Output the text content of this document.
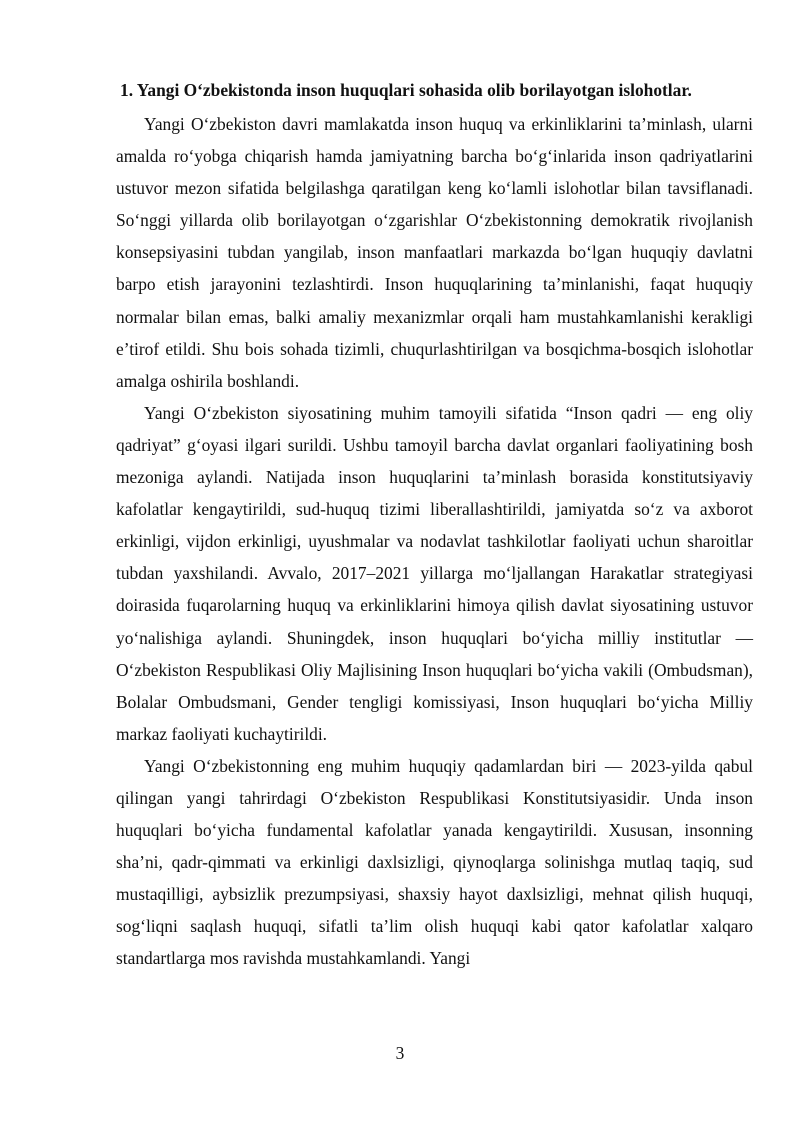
1. Yangi O‘zbekistonda inson huquqlari sohasida olib borilayotgan islohotlar.

Yangi O‘zbekiston davri mamlakatda inson huquq va erkinliklarini ta’minlash, ularni amalda ro‘yobga chiqarish hamda jamiyatning barcha bo‘g‘inlarida inson qadriyatlarini ustuvor mezon sifatida belgilashga qaratilgan keng ko‘lamli islohotlar bilan tavsiflanadi. So‘nggi yillarda olib borilayotgan o‘zgarishlar O‘zbekistonning demokratik rivojlanish konsepsiyasini tubdan yangilab, inson manfaatlari markazda bo‘lgan huquqiy davlatni barpo etish jarayonini tezlashtirdi. Inson huquqlarining ta’minlanishi, faqat huquqiy normalar bilan emas, balki amaliy mexanizmlar orqali ham mustahkamlanishi kerakligi e’tirof etildi. Shu bois sohada tizimli, chuqurlashtirilgan va bosqichma-bosqich islohotlar amalga oshirila boshlandi.

Yangi O‘zbekiston siyosatining muhim tamoyili sifatida “Inson qadri — eng oliy qadriyat” g‘oyasi ilgari surildi. Ushbu tamoyil barcha davlat organlari faoliyatining bosh mezoniga aylandi. Natijada inson huquqlarini ta’minlash borasida konstitutsiyaviy kafolatlar kengaytirildi, sud-huquq tizimi liberallashtirildi, jamiyatda so‘z va axborot erkinligi, vijdon erkinligi, uyushmalar va nodavlat tashkilotlar faoliyati uchun sharoitlar tubdan yaxshilandi. Avvalo, 2017–2021 yillarga mo‘ljallangan Harakatlar strategiyasi doirasida fuqarolarning huquq va erkinliklarini himoya qilish davlat siyosatining ustuvor yo‘nalishiga aylandi. Shuningdek, inson huquqlari bo‘yicha milliy institutlar — O‘zbekiston Respublikasi Oliy Majlisining Inson huquqlari bo‘yicha vakili (Ombudsman), Bolalar Ombudsmani, Gender tengligi komissiyasi, Inson huquqlari bo‘yicha Milliy markaz faoliyati kuchaytirildi.

Yangi O‘zbekistonning eng muhim huquqiy qadamlardan biri — 2023-yilda qabul qilingan yangi tahrirdagi O‘zbekiston Respublikasi Konstitutsiyasidir. Unda inson huquqlari bo‘yicha fundamental kafolatlar yanada kengaytirildi. Xususan, insonning sha’ni, qadr-qimmati va erkinligi daxlsizligi, qiynoqlarga solinishga mutlaq taqiq, sud mustaqilligi, aybsizlik prezumpsiyasi, shaxsiy hayot daxlsizligi, mehnat qilish huquqi, sog‘liqni saqlash huquqi, sifatli ta’lim olish huquqi kabi qator kafolatlar xalqaro standartlarga mos ravishda mustahkamlandi. Yangi

3
